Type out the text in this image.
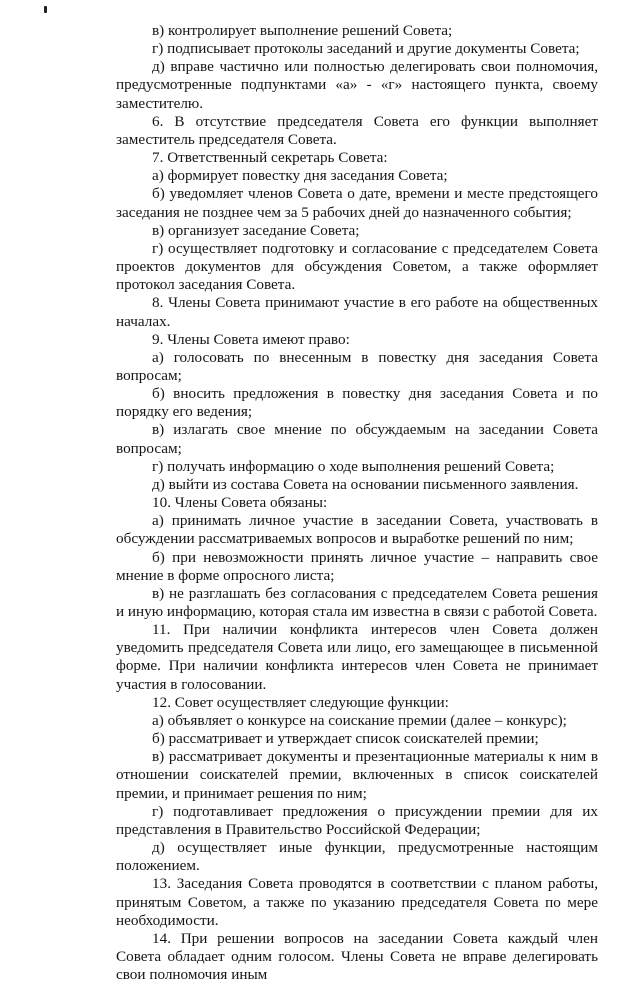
в) контролирует выполнение решений Совета;

г) подписывает протоколы заседаний и другие документы Совета;

д) вправе частично или полностью делегировать свои полномочия, предусмотренные подпунктами «а» - «г» настоящего пункта, своему заместителю.

6. В отсутствие председателя Совета его функции выполняет заместитель председателя Совета.

7. Ответственный секретарь Совета:

а) формирует повестку дня заседания Совета;

б) уведомляет членов Совета о дате, времени и месте предстоящего заседания не позднее чем за 5 рабочих дней до назначенного события;

в) организует заседание Совета;

г) осуществляет подготовку и согласование с председателем Совета проектов документов для обсуждения Советом, а также оформляет протокол заседания Совета.

8. Члены Совета принимают участие в его работе на общественных началах.

9. Члены Совета имеют право:

а) голосовать по внесенным в повестку дня заседания Совета вопросам;

б) вносить предложения в повестку дня заседания Совета и по порядку его ведения;

в) излагать свое мнение по обсуждаемым на заседании Совета вопросам;

г) получать информацию о ходе выполнения решений Совета;

д) выйти из состава Совета на основании письменного заявления.

10. Члены Совета обязаны:

а) принимать личное участие в заседании Совета, участвовать в обсуждении рассматриваемых вопросов и выработке решений по ним;

б) при невозможности принять личное участие – направить свое мнение в форме опросного листа;

в) не разглашать без согласования с председателем Совета решения и иную информацию, которая стала им известна в связи с работой Совета.

11. При наличии конфликта интересов член Совета должен уведомить председателя Совета или лицо, его замещающее в письменной форме. При наличии конфликта интересов член Совета не принимает участия в голосовании.

12. Совет осуществляет следующие функции:

а) объявляет о конкурсе на соискание премии (далее – конкурс);

б) рассматривает и утверждает список соискателей премии;

в) рассматривает документы и презентационные материалы к ним в отношении соискателей премии, включенных в список соискателей премии, и принимает решения по ним;

г) подготавливает предложения о присуждении премии для их представления в Правительство Российской Федерации;

д) осуществляет иные функции, предусмотренные настоящим положением.

13. Заседания Совета проводятся в соответствии с планом работы, принятым Советом, а также по указанию председателя Совета по мере необходимости.

14. При решении вопросов на заседании Совета каждый член Совета обладает одним голосом. Члены Совета не вправе делегировать свои полномочия иным
